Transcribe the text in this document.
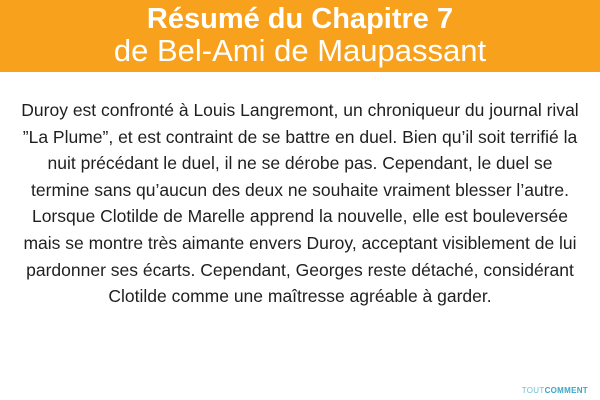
Résumé du Chapitre 7
de Bel-Ami de Maupassant

Duroy est confronté à Louis Langremont, un chroniqueur du journal rival ”La Plume”, et est contraint de se battre en duel. Bien qu’il soit terrifié la nuit précédant le duel, il ne se dérobe pas. Cependant, le duel se termine sans qu’aucun des deux ne souhaite vraiment blesser l’autre.

Lorsque Clotilde de Marelle apprend la nouvelle, elle est bouleversée mais se montre très aimante envers Duroy, acceptant visiblement de lui pardonner ses écarts. Cependant, Georges reste détaché, considérant Clotilde comme une maîtresse agréable à garder.

TOUTCOMMENT
